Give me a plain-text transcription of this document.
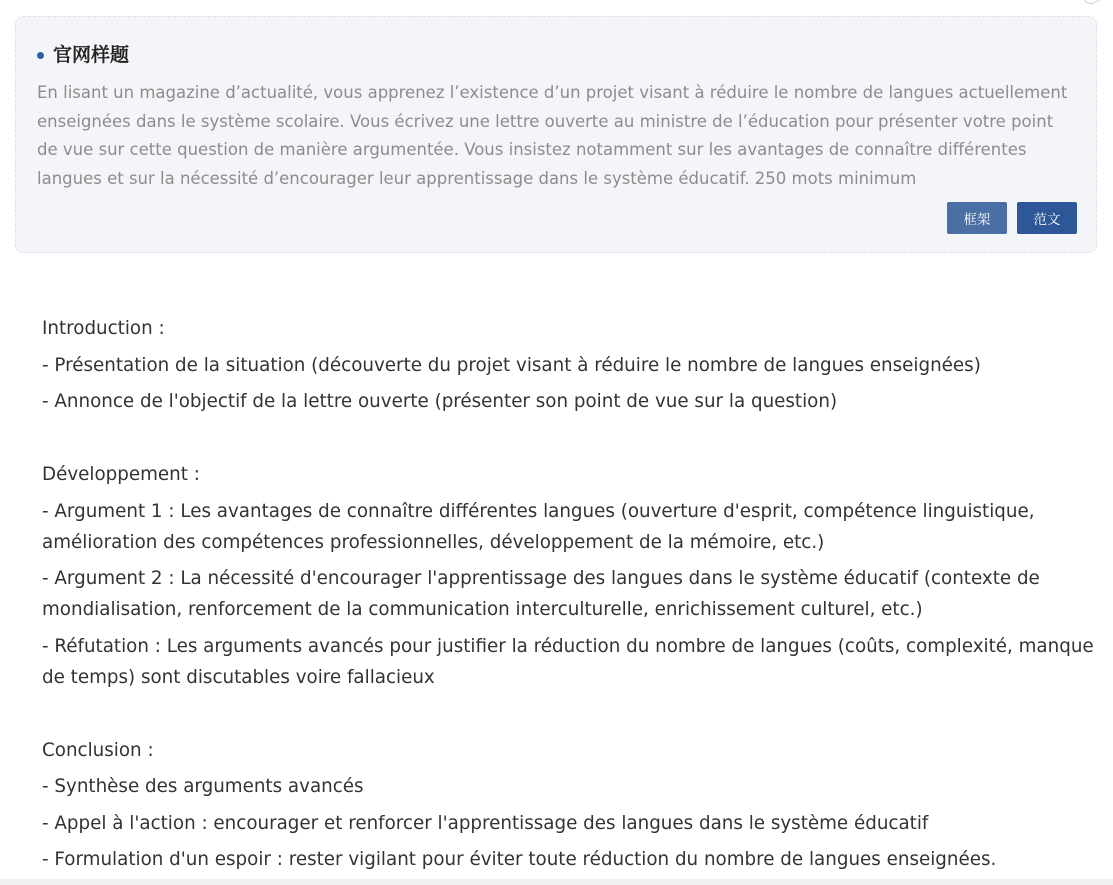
官网样题
En lisant un magazine d’actualité, vous apprenez l’existence d’un projet visant à réduire le nombre de langues actuellement enseignées dans le système scolaire. Vous écrivez une lettre ouverte au ministre de l’éducation pour présenter votre point de vue sur cette question de manière argumentée. Vous insistez notamment sur les avantages de connaître différentes langues et sur la nécessité d’encourager leur apprentissage dans le système éducatif. 250 mots minimum
框架	范文
Introduction :
- Présentation de la situation (découverte du projet visant à réduire le nombre de langues enseignées)
- Annonce de l'objectif de la lettre ouverte (présenter son point de vue sur la question)
Développement :
- Argument 1 : Les avantages de connaître différentes langues (ouverture d'esprit, compétence linguistique, amélioration des compétences professionnelles, développement de la mémoire, etc.)
- Argument 2 : La nécessité d'encourager l'apprentissage des langues dans le système éducatif (contexte de mondialisation, renforcement de la communication interculturelle, enrichissement culturel, etc.)
- Réfutation : Les arguments avancés pour justifier la réduction du nombre de langues (coûts, complexité, manque de temps) sont discutables voire fallacieux
Conclusion :
- Synthèse des arguments avancés
- Appel à l'action : encourager et renforcer l'apprentissage des langues dans le système éducatif
- Formulation d'un espoir : rester vigilant pour éviter toute réduction du nombre de langues enseignées.
